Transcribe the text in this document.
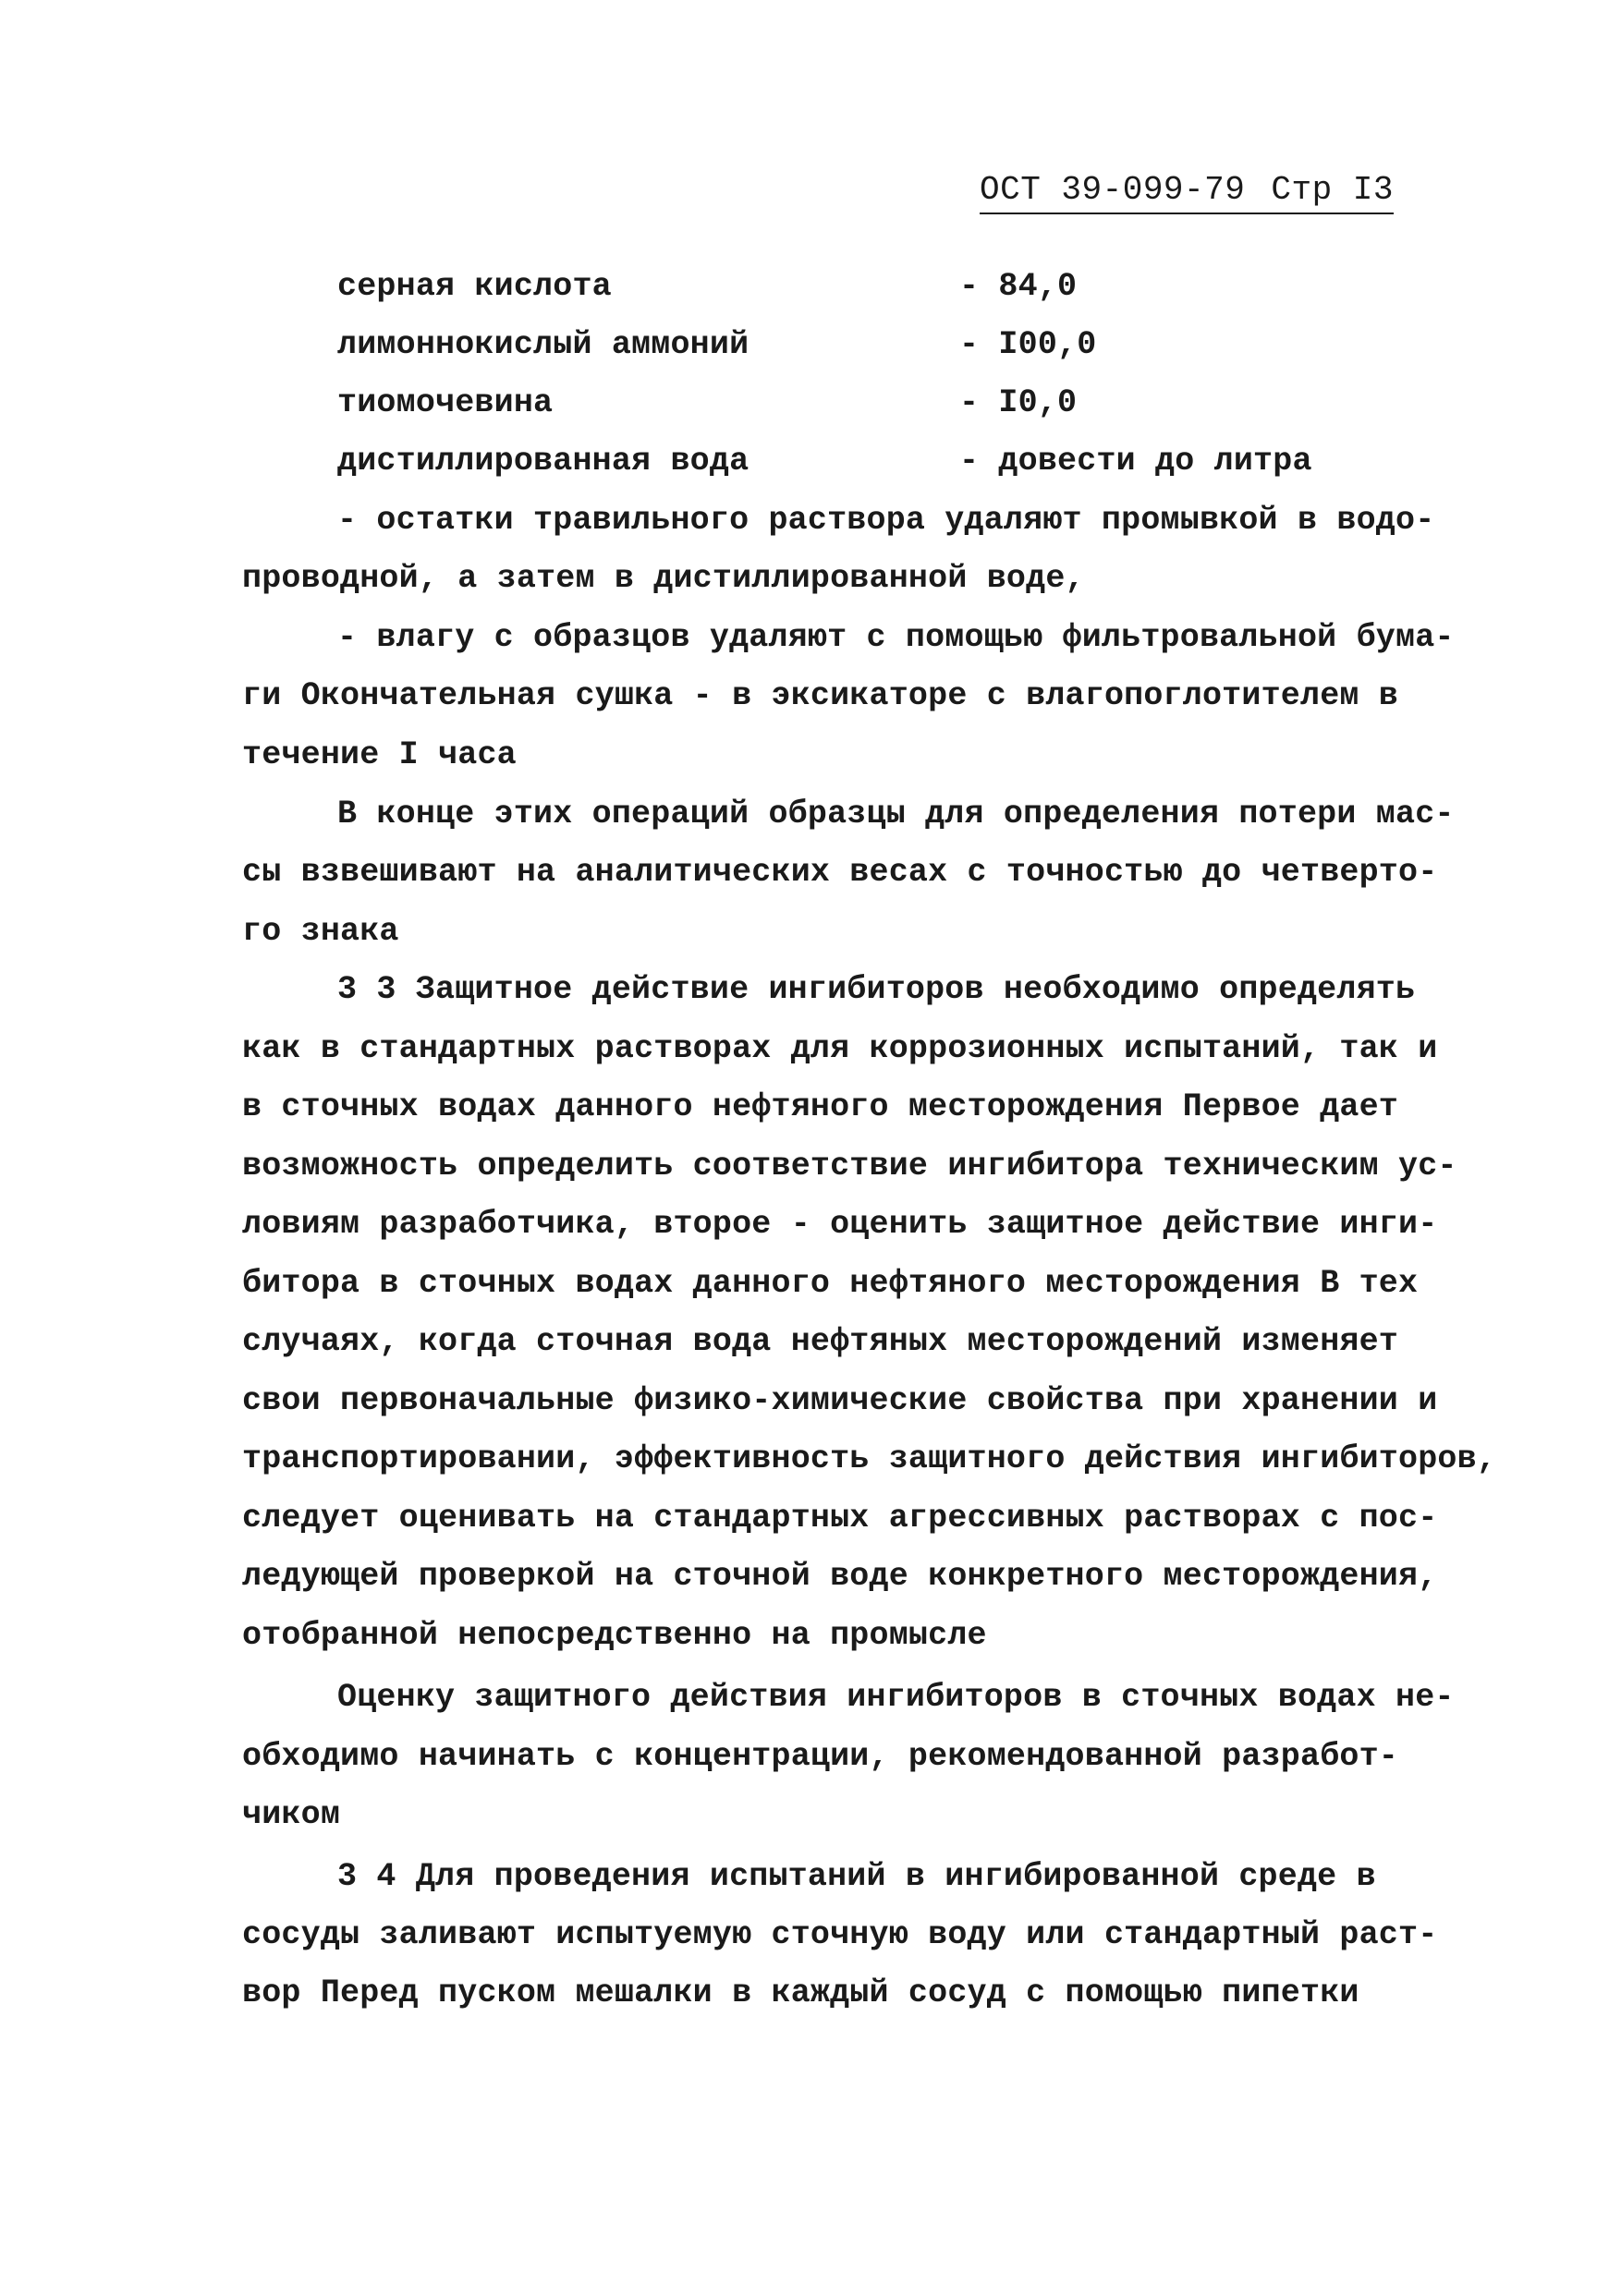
ОСТ 39-099-79 Стр I3
серная кислота	- 84,0
лимоннокислый аммоний	- I00,0
тиомочевина	- I0,0
дистиллированная вода	- довести до литра
- остатки травильного раствора удаляют промывкой в водо-
проводной, а затем в дистиллированной воде,
- влагу с образцов удаляют с помощью фильтровальной бума-
ги Окончательная сушка - в эксикаторе с влагопоглотителем в
течение I часа
В конце этих операций образцы для определения потери мас-
сы взвешивают на аналитических весах с точностью до четверто-
го знака
3 3 Защитное действие ингибиторов необходимо определять
как в стандартных растворах для коррозионных испытаний, так и
в сточных водах данного нефтяного месторождения Первое дает
возможность определить соответствие ингибитора техническим ус-
ловиям разработчика, второе - оценить защитное действие инги-
битора в сточных водах данного нефтяного месторождения В тех
случаях, когда сточная вода нефтяных месторождений изменяет
свои первоначальные физико-химические свойства при хранении и
транспортировании, эффективность защитного действия ингибиторов,
следует оценивать на стандартных агрессивных растворах с пос-
ледующей проверкой на сточной воде конкретного месторождения,
отобранной непосредственно на промысле
Оценку защитного действия ингибиторов в сточных водах не-
обходимо начинать с концентрации, рекомендованной разработ-
чиком
3 4 Для проведения испытаний в ингибированной среде в
сосуды заливают испытуемую сточную воду или стандартный раст-
вор Перед пуском мешалки в каждый сосуд с помощью пипетки
